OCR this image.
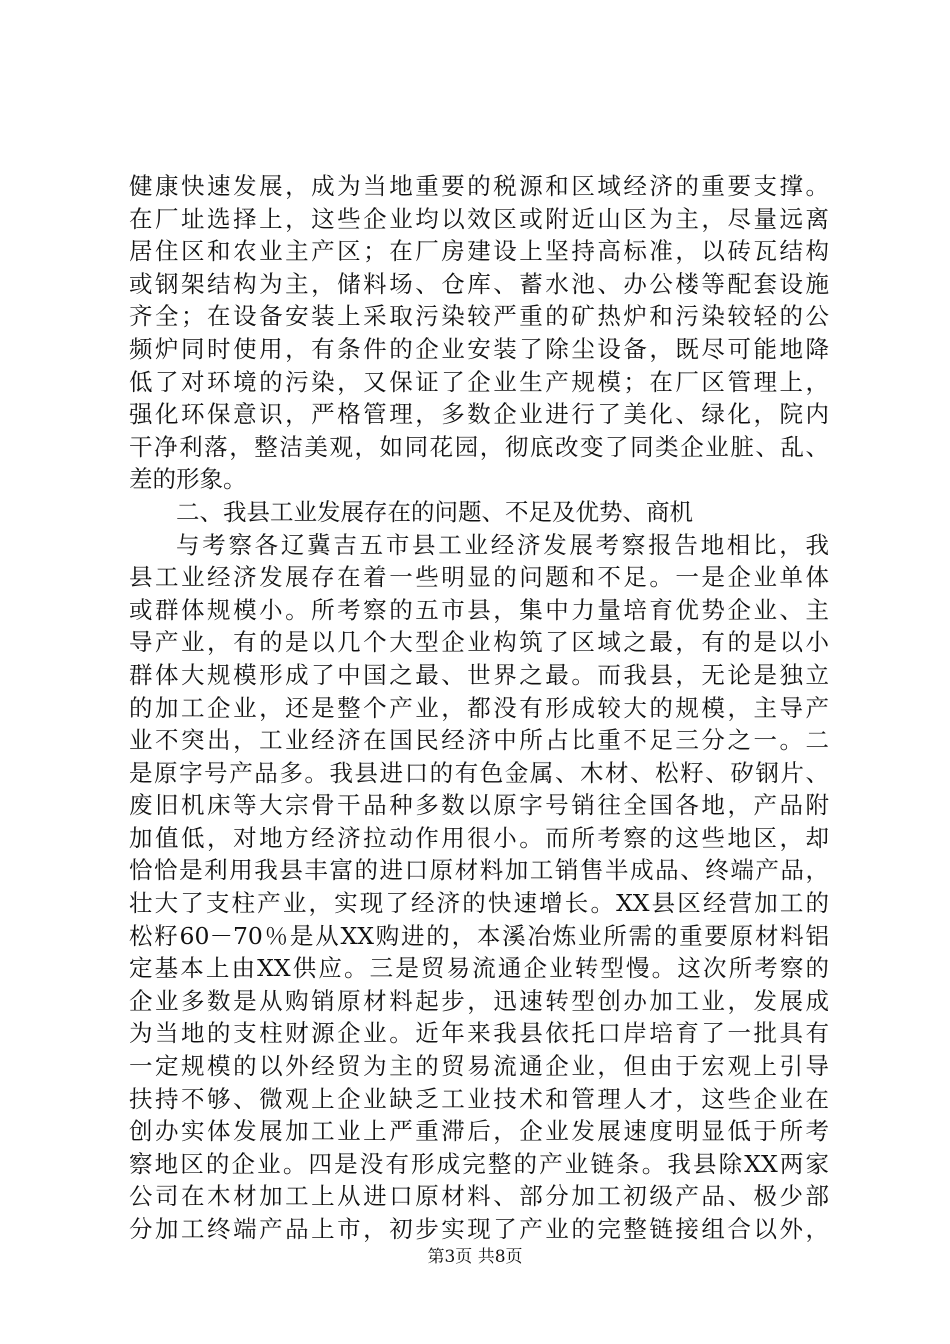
健康快速发展，成为当地重要的税源和区域经济的重要支撑。
在厂址选择上，这些企业均以效区或附近山区为主，尽量远离
居住区和农业主产区；在厂房建设上坚持高标准，以砖瓦结构
或钢架结构为主，储料场、仓库、蓄水池、办公楼等配套设施
齐全；在设备安装上采取污染较严重的矿热炉和污染较轻的公
频炉同时使用，有条件的企业安装了除尘设备，既尽可能地降
低了对环境的污染，又保证了企业生产规模；在厂区管理上，
强化环保意识，严格管理，多数企业进行了美化、绿化，院内
干净利落，整洁美观，如同花园，彻底改变了同类企业脏、乱、
差的形象。
二、我县工业发展存在的问题、不足及优势、商机
与考察各辽冀吉五市县工业经济发展考察报告地相比，我
县工业经济发展存在着一些明显的问题和不足。一是企业单体
或群体规模小。所考察的五市县，集中力量培育优势企业、主
导产业，有的是以几个大型企业构筑了区域之最，有的是以小
群体大规模形成了中国之最、世界之最。而我县，无论是独立
的加工企业，还是整个产业，都没有形成较大的规模，主导产
业不突出，工业经济在国民经济中所占比重不足三分之一。二
是原字号产品多。我县进口的有色金属、木材、松籽、矽钢片、
废旧机床等大宗骨干品种多数以原字号销往全国各地，产品附
加值低，对地方经济拉动作用很小。而所考察的这些地区，却
恰恰是利用我县丰富的进口原材料加工销售半成品、终端产品，
壮大了支柱产业，实现了经济的快速增长。XX县区经营加工的
松籽60－70％是从XX购进的，本溪冶炼业所需的重要原材料铝
定基本上由XX供应。三是贸易流通企业转型慢。这次所考察的
企业多数是从购销原材料起步，迅速转型创办加工业，发展成
为当地的支柱财源企业。近年来我县依托口岸培育了一批具有
一定规模的以外经贸为主的贸易流通企业，但由于宏观上引导
扶持不够、微观上企业缺乏工业技术和管理人才，这些企业在
创办实体发展加工业上严重滞后，企业发展速度明显低于所考
察地区的企业。四是没有形成完整的产业链条。我县除XX两家
公司在木材加工上从进口原材料、部分加工初级产品、极少部
分加工终端产品上市，初步实现了产业的完整链接组合以外，
第3页 共8页
